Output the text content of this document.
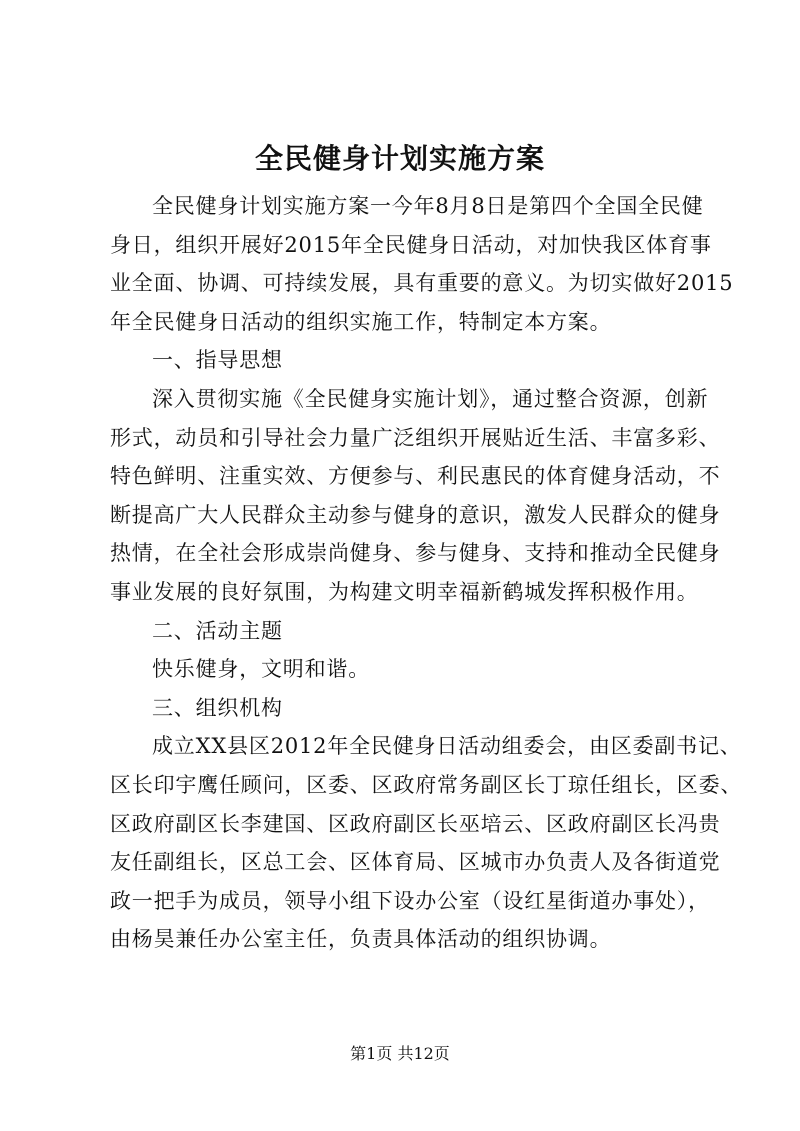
全民健身计划实施方案
全民健身计划实施方案一今年8月8日是第四个全国全民健
身日，组织开展好2015年全民健身日活动，对加快我区体育事
业全面、协调、可持续发展，具有重要的意义。为切实做好2015
年全民健身日活动的组织实施工作，特制定本方案。
一、指导思想
深入贯彻实施《全民健身实施计划》，通过整合资源，创新
形式，动员和引导社会力量广泛组织开展贴近生活、丰富多彩、
特色鲜明、注重实效、方便参与、利民惠民的体育健身活动，不
断提高广大人民群众主动参与健身的意识，激发人民群众的健身
热情，在全社会形成崇尚健身、参与健身、支持和推动全民健身
事业发展的良好氛围，为构建文明幸福新鹤城发挥积极作用。
二、活动主题
快乐健身，文明和谐。
三、组织机构
成立XX县区2012年全民健身日活动组委会，由区委副书记、
区长印宇鹰任顾问，区委、区政府常务副区长丁琼任组长，区委、
区政府副区长李建国、区政府副区长巫培云、区政府副区长冯贵
友任副组长，区总工会、区体育局、区城市办负责人及各街道党
政一把手为成员，领导小组下设办公室（设红星街道办事处），
由杨昊兼任办公室主任，负责具体活动的组织协调。
第1页 共12页
